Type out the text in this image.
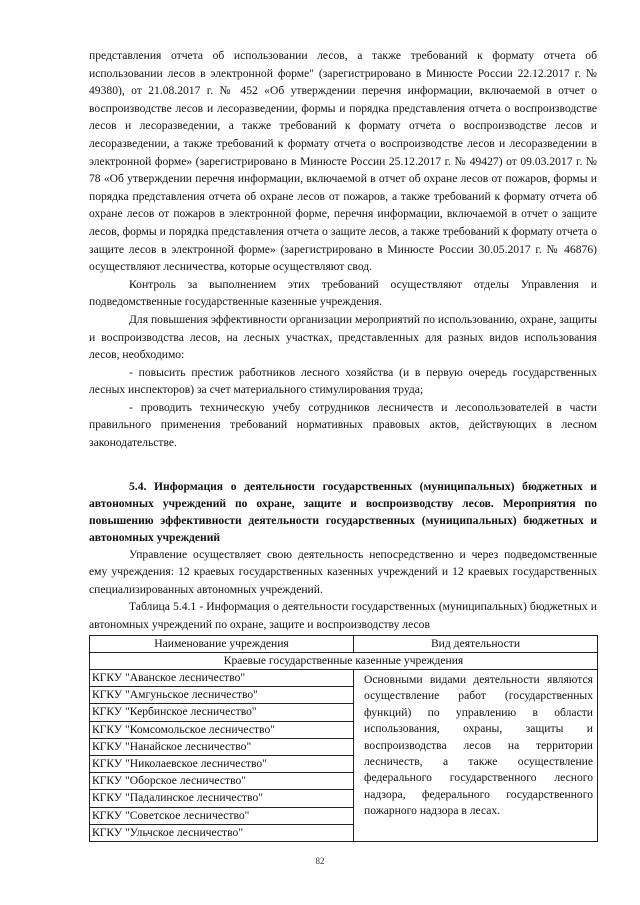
представления отчета об использовании лесов, а также требований к формату отчета об использовании лесов в электронной форме" (зарегистрировано в Минюсте России 22.12.2017 г. № 49380), от 21.08.2017 г. № 452 «Об утверждении перечня информации, включаемой в отчет о воспроизводстве лесов и лесоразведении, формы и порядка представления отчета о воспроизводстве лесов и лесоразведении, а также требований к формату отчета о воспроизводстве лесов и лесоразведении, а также требований к формату отчета о воспроизводстве лесов и лесоразведении в электронной форме» (зарегистрировано в Минюсте России 25.12.2017 г. № 49427) от 09.03.2017 г. № 78 «Об утверждении перечня информации, включаемой в отчет об охране лесов от пожаров, формы и порядка представления отчета об охране лесов от пожаров, а также требований к формату отчета об охране лесов от пожаров в электронной форме, перечня информации, включаемой в отчет о защите лесов, формы и порядка представления отчета о защите лесов, а также требований к формату отчета о защите лесов в электронной форме» (зарегистрировано в Минюсте России 30.05.2017 г. № 46876) осуществляют лесничества, которые осуществляют свод.

Контроль за выполнением этих требований осуществляют отделы Управления и подведомственные государственные казенные учреждения.

Для повышения эффективности организации мероприятий по использованию, охране, защиты и воспроизводства лесов, на лесных участках, представленных для разных видов использования лесов, необходимо:

- повысить престиж работников лесного хозяйства (и в первую очередь государственных лесных инспекторов) за счет материального стимулирования труда;

- проводить техническую учебу сотрудников лесничеств и лесопользователей в части правильного применения требований нормативных правовых актов, действующих в лесном законодательстве.

5.4. Информация о деятельности государственных (муниципальных) бюджетных и автономных учреждений по охране, защите и воспроизводству лесов. Мероприятия по повышению эффективности деятельности государственных (муниципальных) бюджетных и автономных учреждений

Управление осуществляет свою деятельность непосредственно и через подведомственные ему учреждения: 12 краевых государственных казенных учреждений и 12 краевых государственных специализированных автономных учреждений.

Таблица 5.4.1 - Информация о деятельности государственных (муниципальных) бюджетных и автономных учреждений по охране, защите и воспроизводству лесов

Наименование учреждения	Вид деятельности
Краевые государственные казенные учреждения	
КГКУ "Аванское лесничество"	Основными видами деятельности являются осуществление работ (государственных функций) по управлению в области использования, охраны, защиты и воспроизводства лесов на территории лесничеств, а также осуществление федерального государственного лесного надзора, федерального государственного пожарного надзора в лесах.
КГКУ "Амгуньское лесничество"	
КГКУ "Кербинское лесничество"	
КГКУ "Комсомольское лесничество"	
КГКУ "Нанайское лесничество"	
КГКУ "Николаевское лесничество"	
КГКУ "Оборское лесничество"	
КГКУ "Падалинское лесничество"	
КГКУ "Советское лесничество"	
КГКУ "Ульчское лесничество"	
82
